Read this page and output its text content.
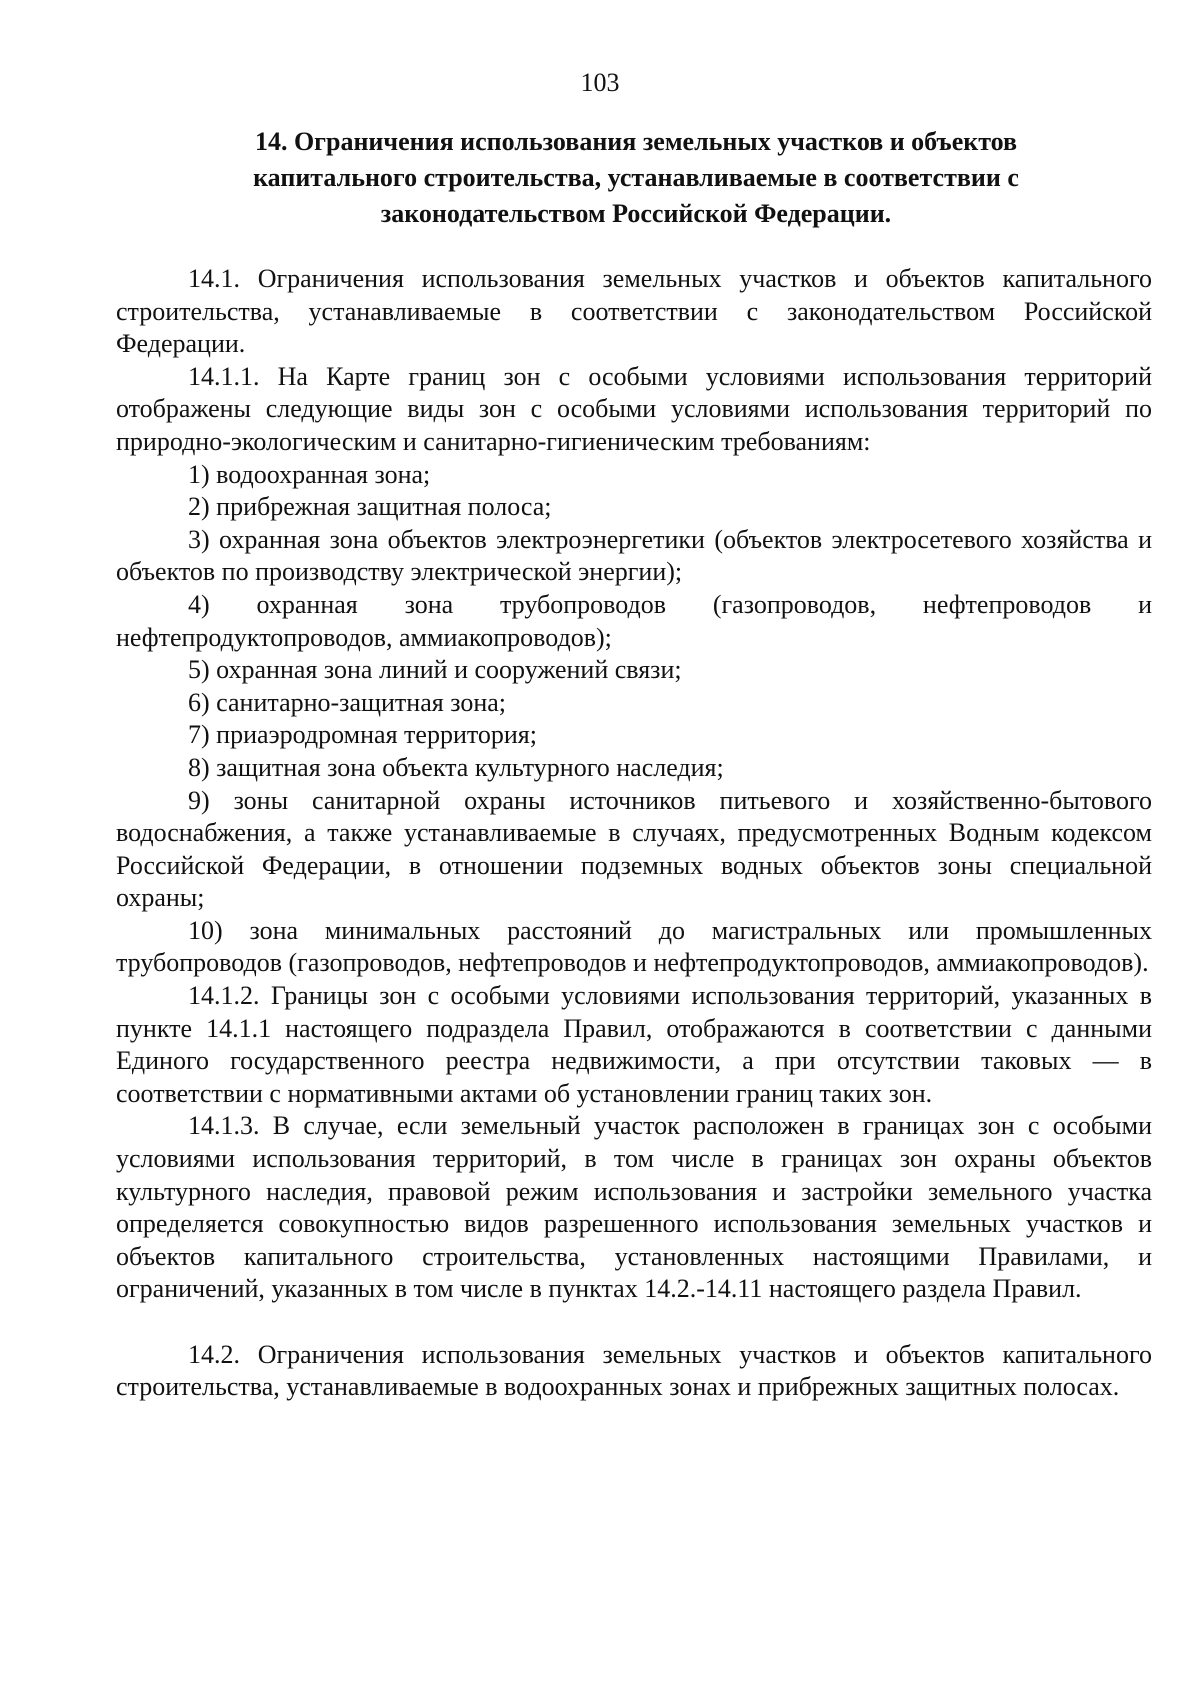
103
14. Ограничения использования земельных участков и объектов капитального строительства, устанавливаемые в соответствии с законодательством Российской Федерации.

14.1. Ограничения использования земельных участков и объектов капитального строительства, устанавливаемые в соответствии с законодательством Российской Федерации.

14.1.1. На Карте границ зон с особыми условиями использования территорий отображены следующие виды зон с особыми условиями использования территорий по природно-экологическим и санитарно-гигиеническим требованиям:

1) водоохранная зона;

2) прибрежная защитная полоса;

3) охранная зона объектов электроэнергетики (объектов электросетевого хозяйства и объектов по производству электрической энергии);

4) охранная зона трубопроводов (газопроводов, нефтепроводов и нефтепродуктопроводов, аммиакопроводов);

5) охранная зона линий и сооружений связи;

6) санитарно-защитная зона;

7) приаэродромная территория;

8) защитная зона объекта культурного наследия;

9) зоны санитарной охраны источников питьевого и хозяйственно-бытового водоснабжения, а также устанавливаемые в случаях, предусмотренных Водным кодексом Российской Федерации, в отношении подземных водных объектов зоны специальной охраны;

10) зона минимальных расстояний до магистральных или промышленных трубопроводов (газопроводов, нефтепроводов и нефтепродуктопроводов, аммиакопроводов).

14.1.2. Границы зон с особыми условиями использования территорий, указанных в пункте 14.1.1 настоящего подраздела Правил, отображаются в соответствии с данными Единого государственного реестра недвижимости, а при отсутствии таковых — в соответствии с нормативными актами об установлении границ таких зон.

14.1.3. В случае, если земельный участок расположен в границах зон с особыми условиями использования территорий, в том числе в границах зон охраны объектов культурного наследия, правовой режим использования и застройки земельного участка определяется совокупностью видов разрешенного использования земельных участков и объектов капитального строительства, установленных настоящими Правилами, и ограничений, указанных в том числе в пунктах 14.2.-14.11 настоящего раздела Правил.

14.2. Ограничения использования земельных участков и объектов капитального строительства, устанавливаемые в водоохранных зонах и прибрежных защитных полосах.
